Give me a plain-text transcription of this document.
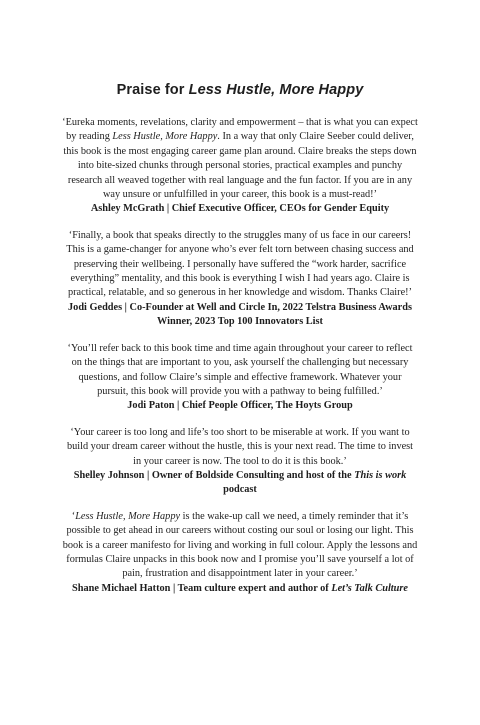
Praise for Less Hustle, More Happy

‘Eureka moments, revelations, clarity and empowerment – that is what you can expect by reading Less Hustle, More Happy. In a way that only Claire Seeber could deliver, this book is the most engaging career game plan around. Claire breaks the steps down into bite-sized chunks through personal stories, practical examples and punchy research all weaved together with real language and the fun factor. If you are in any way unsure or unfulfilled in your career, this book is a must-read!’

Ashley McGrath | Chief Executive Officer, CEOs for Gender Equity

‘Finally, a book that speaks directly to the struggles many of us face in our careers! This is a game-changer for anyone who’s ever felt torn between chasing success and preserving their wellbeing. I personally have suffered the “work harder, sacrifice everything” mentality, and this book is everything I wish I had years ago. Claire is practical, relatable, and so generous in her knowledge and wisdom. Thanks Claire!’

Jodi Geddes | Co-Founder at Well and Circle In, 2022 Telstra Business Awards Winner, 2023 Top 100 Innovators List

‘You’ll refer back to this book time and time again throughout your career to reflect on the things that are important to you, ask yourself the challenging but necessary questions, and follow Claire’s simple and effective framework. Whatever your pursuit, this book will provide you with a pathway to being fulfilled.’

Jodi Paton | Chief People Officer, The Hoyts Group

‘Your career is too long and life’s too short to be miserable at work. If you want to build your dream career without the hustle, this is your next read. The time to invest in your career is now. The tool to do it is this book.’

Shelley Johnson | Owner of Boldside Consulting and host of the This is work podcast

‘Less Hustle, More Happy is the wake-up call we need, a timely reminder that it’s possible to get ahead in our careers without costing our soul or losing our light. This book is a career manifesto for living and working in full colour. Apply the lessons and formulas Claire unpacks in this book now and I promise you’ll save yourself a lot of pain, frustration and disappointment later in your career.’

Shane Michael Hatton | Team culture expert and author of Let’s Talk Culture
